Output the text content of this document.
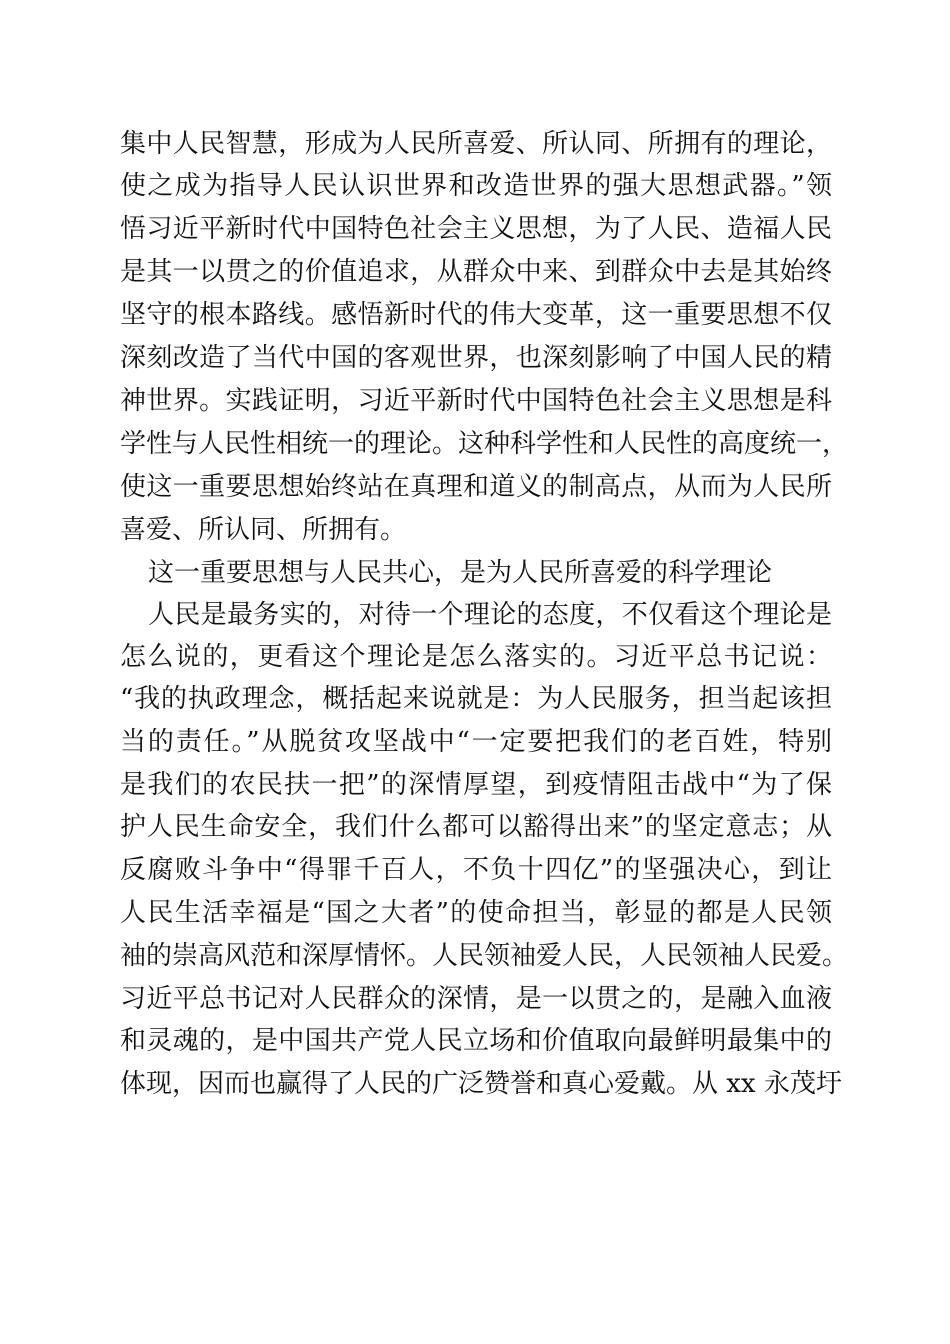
集中人民智慧，形成为人民所喜爱、所认同、所拥有的理论，
使之成为指导人民认识世界和改造世界的强大思想武器。”领
悟习近平新时代中国特色社会主义思想，为了人民、造福人民
是其一以贯之的价值追求，从群众中来、到群众中去是其始终
坚守的根本路线。感悟新时代的伟大变革，这一重要思想不仅
深刻改造了当代中国的客观世界，也深刻影响了中国人民的精
神世界。实践证明，习近平新时代中国特色社会主义思想是科
学性与人民性相统一的理论。这种科学性和人民性的高度统一，
使这一重要思想始终站在真理和道义的制高点，从而为人民所
喜爱、所认同、所拥有。
这一重要思想与人民共心，是为人民所喜爱的科学理论
人民是最务实的，对待一个理论的态度，不仅看这个理论是
怎么说的，更看这个理论是怎么落实的。习近平总书记说：
“我的执政理念，概括起来说就是：为人民服务，担当起该担
当的责任。”从脱贫攻坚战中“一定要把我们的老百姓，特别
是我们的农民扶一把”的深情厚望，到疫情阻击战中“为了保
护人民生命安全，我们什么都可以豁得出来”的坚定意志；从
反腐败斗争中“得罪千百人，不负十四亿”的坚强决心，到让
人民生活幸福是“国之大者”的使命担当，彰显的都是人民领
袖的崇高风范和深厚情怀。人民领袖爱人民，人民领袖人民爱。
习近平总书记对人民群众的深情，是一以贯之的，是融入血液
和灵魂的，是中国共产党人民立场和价值取向最鲜明最集中的
体现，因而也赢得了人民的广泛赞誉和真心爱戴。从 xx 永茂圩
